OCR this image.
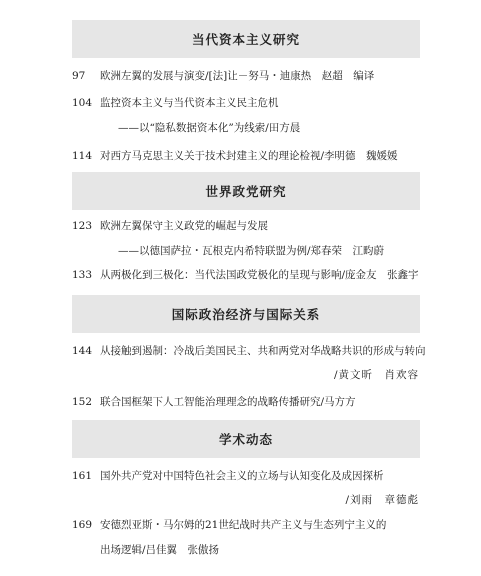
当代资本主义研究
97	欧洲左翼的发展与演变/[法]让－努马・迪康热　赵超　编译
104 监控资本主义与当代资本主义民主危机
——以“隐私数据资本化”为线索/田方晨
114 对西方马克思主义关于技术封建主义的理论检视/李明德　魏媛媛
世界政党研究
123 欧洲左翼保守主义政党的崛起与发展
——以德国萨拉・瓦根克内希特联盟为例/郑春荣　江畇蔚
133 从两极化到三极化：当代法国政党极化的呈现与影响/庞金友　张鑫宇
国际政治经济与国际关系
144 从接触到遏制：冷战后美国民主、共和两党对华战略共识的形成与转向
/黄文昕　肖欢容
152 联合国框架下人工智能治理理念的战略传播研究/马方方
学术动态
161 国外共产党对中国特色社会主义的立场与认知变化及成因探析
/刘雨　章德彪
169 安德烈亚斯・马尔姆的21世纪战时共产主义与生态列宁主义的
出场逻辑/吕佳翼　张傲扬
